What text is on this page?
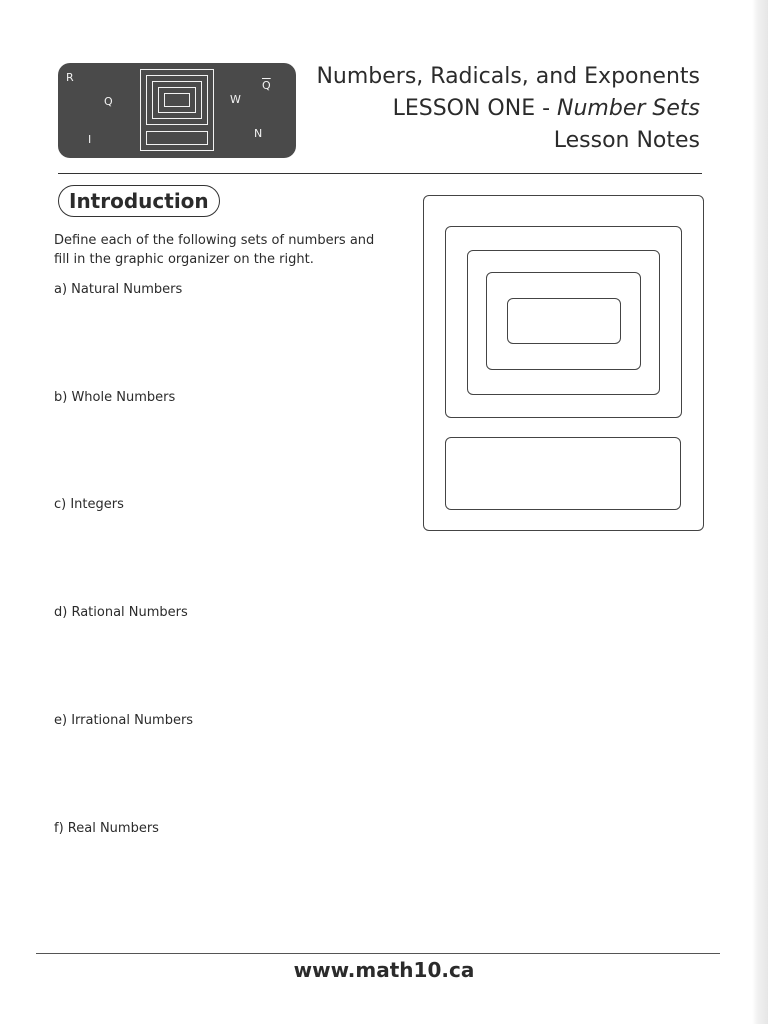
R
Q
I
W
$\overline{Q}$
N
Numbers, Radicals, and Exponents
LESSON ONE - Number Sets
Lesson Notes
Introduction
Define each of the following sets of numbers and
fill in the graphic organizer on the right.
a) Natural Numbers
b) Whole Numbers
c) Integers
d) Rational Numbers
e) Irrational Numbers
f) Real Numbers
www.math10.ca
